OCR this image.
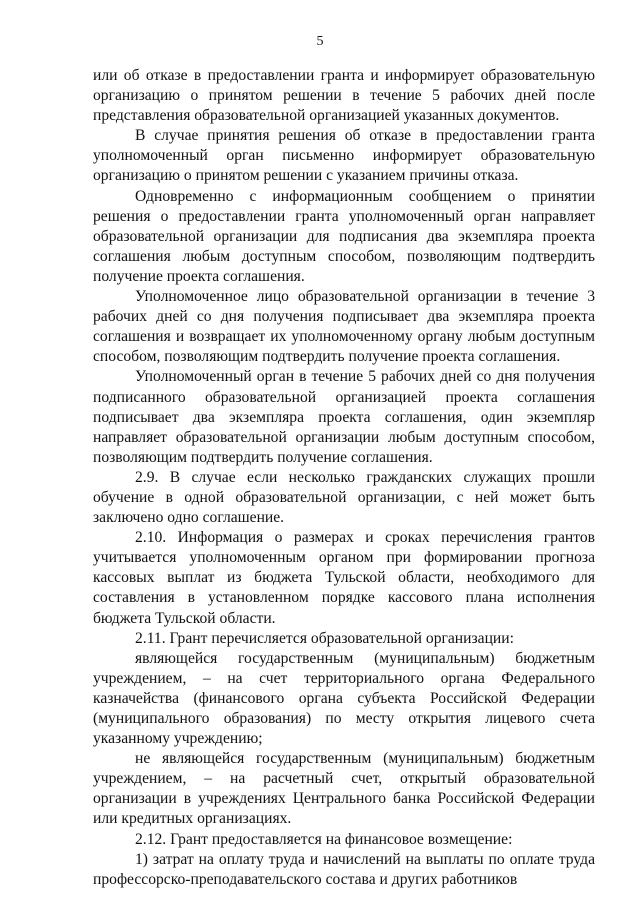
5

или об отказе в предоставлении гранта и информирует образовательную организацию о принятом решении в течение 5 рабочих дней после представления образовательной организацией указанных документов.

В случае принятия решения об отказе в предоставлении гранта уполномоченный орган письменно информирует образовательную организацию о принятом решении с указанием причины отказа.

Одновременно с информационным сообщением о принятии решения о предоставлении гранта уполномоченный орган направляет образовательной организации для подписания два экземпляра проекта соглашения любым доступным способом, позволяющим подтвердить получение проекта соглашения.

Уполномоченное лицо образовательной организации в течение 3 рабочих дней со дня получения подписывает два экземпляра проекта соглашения и возвращает их уполномоченному органу любым доступным способом, позволяющим подтвердить получение проекта соглашения.

Уполномоченный орган в течение 5 рабочих дней со дня получения подписанного образовательной организацией проекта соглашения подписывает два экземпляра проекта соглашения, один экземпляр направляет образовательной организации любым доступным способом, позволяющим подтвердить получение соглашения.

2.9. В случае если несколько гражданских служащих прошли обучение в одной образовательной организации, с ней может быть заключено одно соглашение.

2.10. Информация о размерах и сроках перечисления грантов учитывается уполномоченным органом при формировании прогноза кассовых выплат из бюджета Тульской области, необходимого для составления в установленном порядке кассового плана исполнения бюджета Тульской области.

2.11. Грант перечисляется образовательной организации:

являющейся государственным (муниципальным) бюджетным учреждением, – на счет территориального органа Федерального казначейства (финансового органа субъекта Российской Федерации (муниципального образования) по месту открытия лицевого счета указанному учреждению;

не являющейся государственным (муниципальным) бюджетным учреждением, – на расчетный счет, открытый образовательной организации в учреждениях Центрального банка Российской Федерации или кредитных организациях.

2.12. Грант предоставляется на финансовое возмещение:

1) затрат на оплату труда и начислений на выплаты по оплате труда профессорско-преподавательского состава и других работников
